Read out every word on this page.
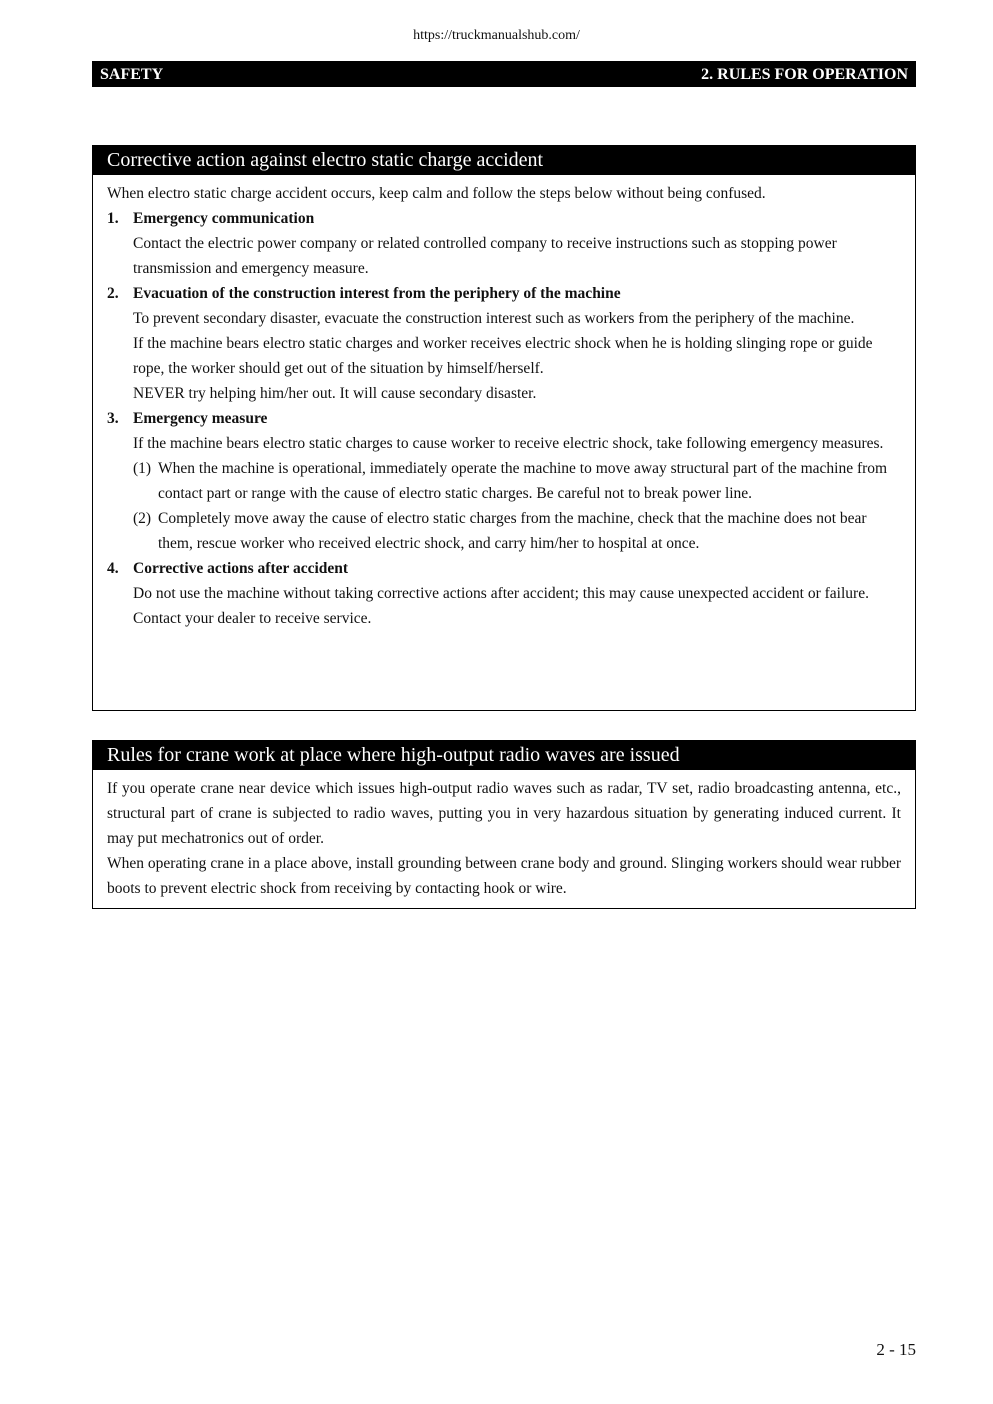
https://truckmanualshub.com/
SAFETY	2. RULES FOR OPERATION
Corrective action against electro static charge accident

When electro static charge accident occurs, keep calm and follow the steps below without being confused.

1. Emergency communication

Contact the electric power company or related controlled company to receive instructions such as stopping power transmission and emergency measure.

2. Evacuation of the construction interest from the periphery of the machine

To prevent secondary disaster, evacuate the construction interest such as workers from the periphery of the machine.

If the machine bears electro static charges and worker receives electric shock when he is holding slinging rope or guide rope, the worker should get out of the situation by himself/herself.

NEVER try helping him/her out. It will cause secondary disaster.

3. Emergency measure

If the machine bears electro static charges to cause worker to receive electric shock, take following emergency measures.

(1) When the machine is operational, immediately operate the machine to move away structural part of the machine from contact part or range with the cause of electro static charges. Be careful not to break power line.
(2) Completely move away the cause of electro static charges from the machine, check that the machine does not bear them, rescue worker who received electric shock, and carry him/her to hospital at once.
4. Corrective actions after accident

Do not use the machine without taking corrective actions after accident; this may cause unexpected accident or failure.

Contact your dealer to receive service.

Rules for crane work at place where high-output radio waves are issued

If you operate crane near device which issues high-output radio waves such as radar, TV set, radio broadcasting antenna, etc., structural part of crane is subjected to radio waves, putting you in very hazardous situation by generating induced current. It may put mechatronics out of order.

When operating crane in a place above, install grounding between crane body and ground. Slinging workers should wear rubber boots to prevent electric shock from receiving by contacting hook or wire.

2 - 15
